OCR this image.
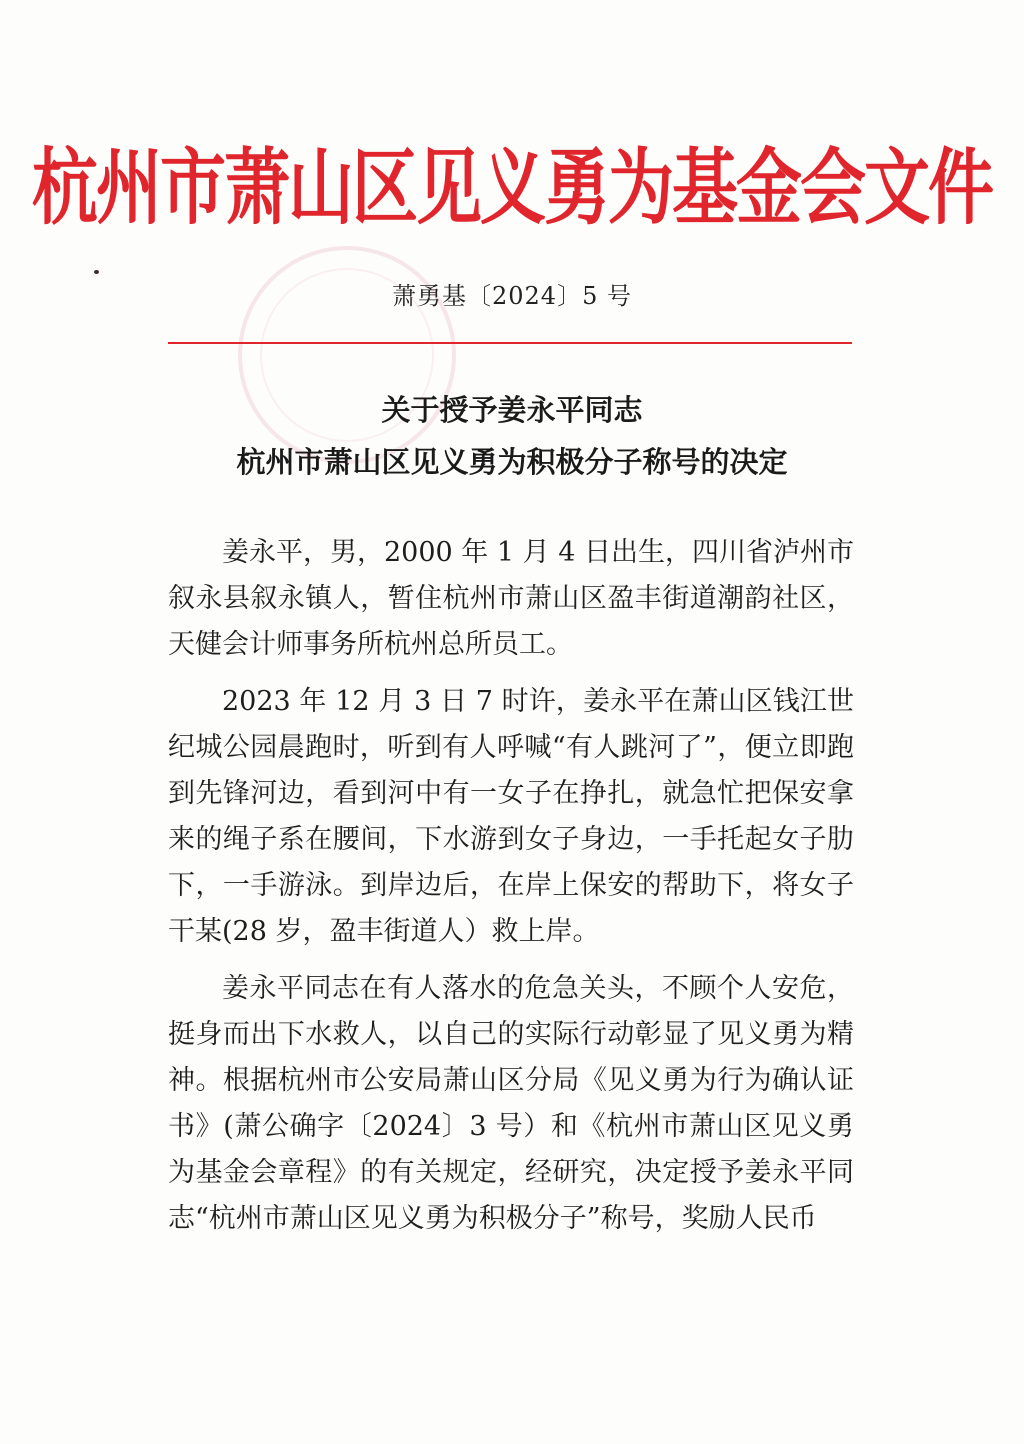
杭州市萧山区见义勇为基金会文件
萧勇基〔2024〕5 号
关于授予姜永平同志
杭州市萧山区见义勇为积极分子称号的决定

姜永平，男，2000 年 1 月 4 日出生，四川省泸州市叙永县叙永镇人，暂住杭州市萧山区盈丰街道潮韵社区，天健会计师事务所杭州总所员工。

2023 年 12 月 3 日 7 时许，姜永平在萧山区钱江世纪城公园晨跑时，听到有人呼喊“有人跳河了”，便立即跑到先锋河边，看到河中有一女子在挣扎，就急忙把保安拿来的绳子系在腰间，下水游到女子身边，一手托起女子肋下，一手游泳。到岸边后，在岸上保安的帮助下，将女子干某(28 岁，盈丰街道人）救上岸。

姜永平同志在有人落水的危急关头，不顾个人安危，挺身而出下水救人，以自己的实际行动彰显了见义勇为精神。根据杭州市公安局萧山区分局《见义勇为行为确认证书》(萧公确字〔2024〕3 号）和《杭州市萧山区见义勇为基金会章程》的有关规定，经研究，决定授予姜永平同志“杭州市萧山区见义勇为积极分子”称号，奖励人民币
